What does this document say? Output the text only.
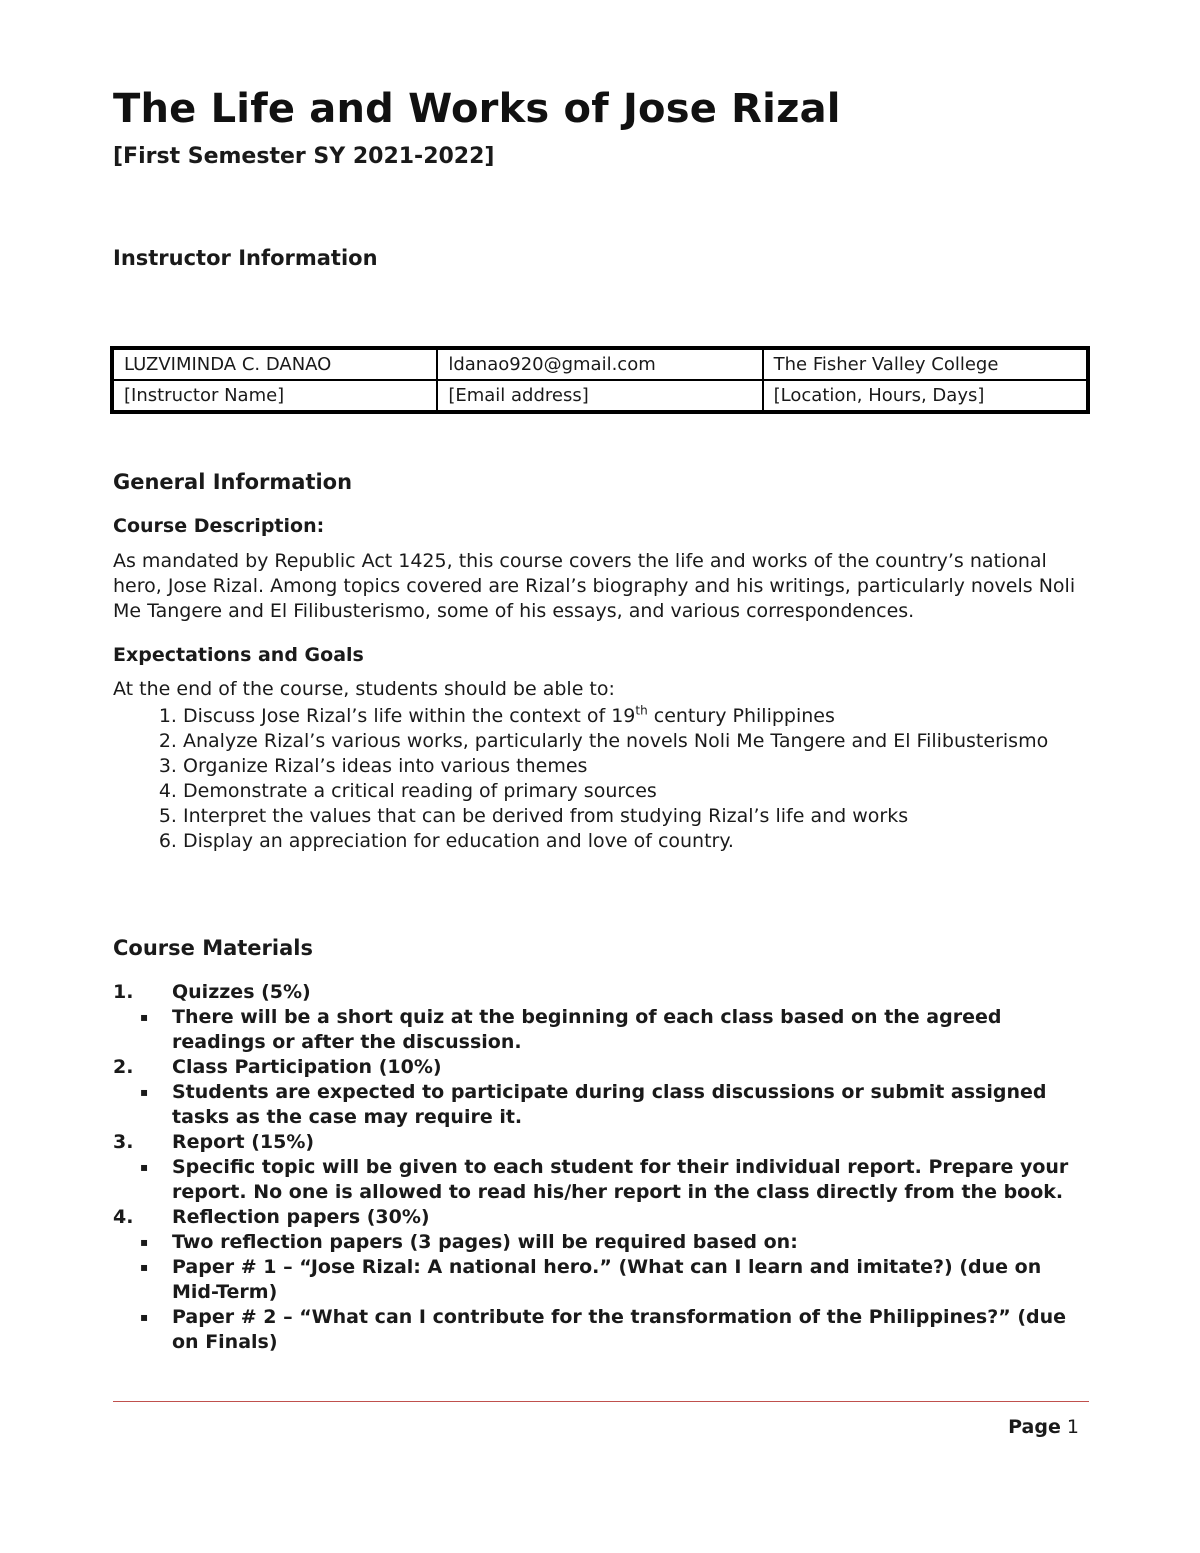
The Life and Works of Jose Rizal
[First Semester SY 2021-2022]
Instructor Information
LUZVIMINDA C. DANAO	ldanao920@gmail.com	The Fisher Valley College
[Instructor Name]	[Email address]	[Location, Hours, Days]
General Information
Course Description:

As mandated by Republic Act 1425, this course covers the life and works of the country’s national hero, Jose Rizal. Among topics covered are Rizal’s biography and his writings, particularly novels Noli Me Tangere and El Filibusterismo, some of his essays, and various correspondences.

Expectations and Goals

At the end of the course, students should be able to:

1. Discuss Jose Rizal’s life within the context of 19th century Philippines
2. Analyze Rizal’s various works, particularly the novels Noli Me Tangere and El Filibusterismo
3. Organize Rizal’s ideas into various themes
4. Demonstrate a critical reading of primary sources
5. Interpret the values that can be derived from studying Rizal’s life and works
6. Display an appreciation for education and love of country.
Course Materials
1. Quizzes (5%)
▪ There will be a short quiz at the beginning of each class based on the agreed readings or after the discussion.
2. Class Participation (10%)
▪ Students are expected to participate during class discussions or submit assigned tasks as the case may require it.
3. Report (15%)
▪ Specific topic will be given to each student for their individual report. Prepare your report. No one is allowed to read his/her report in the class directly from the book.
4. Reflection papers (30%)
▪ Two reflection papers (3 pages) will be required based on:
▪ Paper # 1 – “Jose Rizal: A national hero.” (What can I learn and imitate?) (due on Mid-Term)
▪ Paper # 2 – “What can I contribute for the transformation of the Philippines?” (due on Finals)
Page 1
